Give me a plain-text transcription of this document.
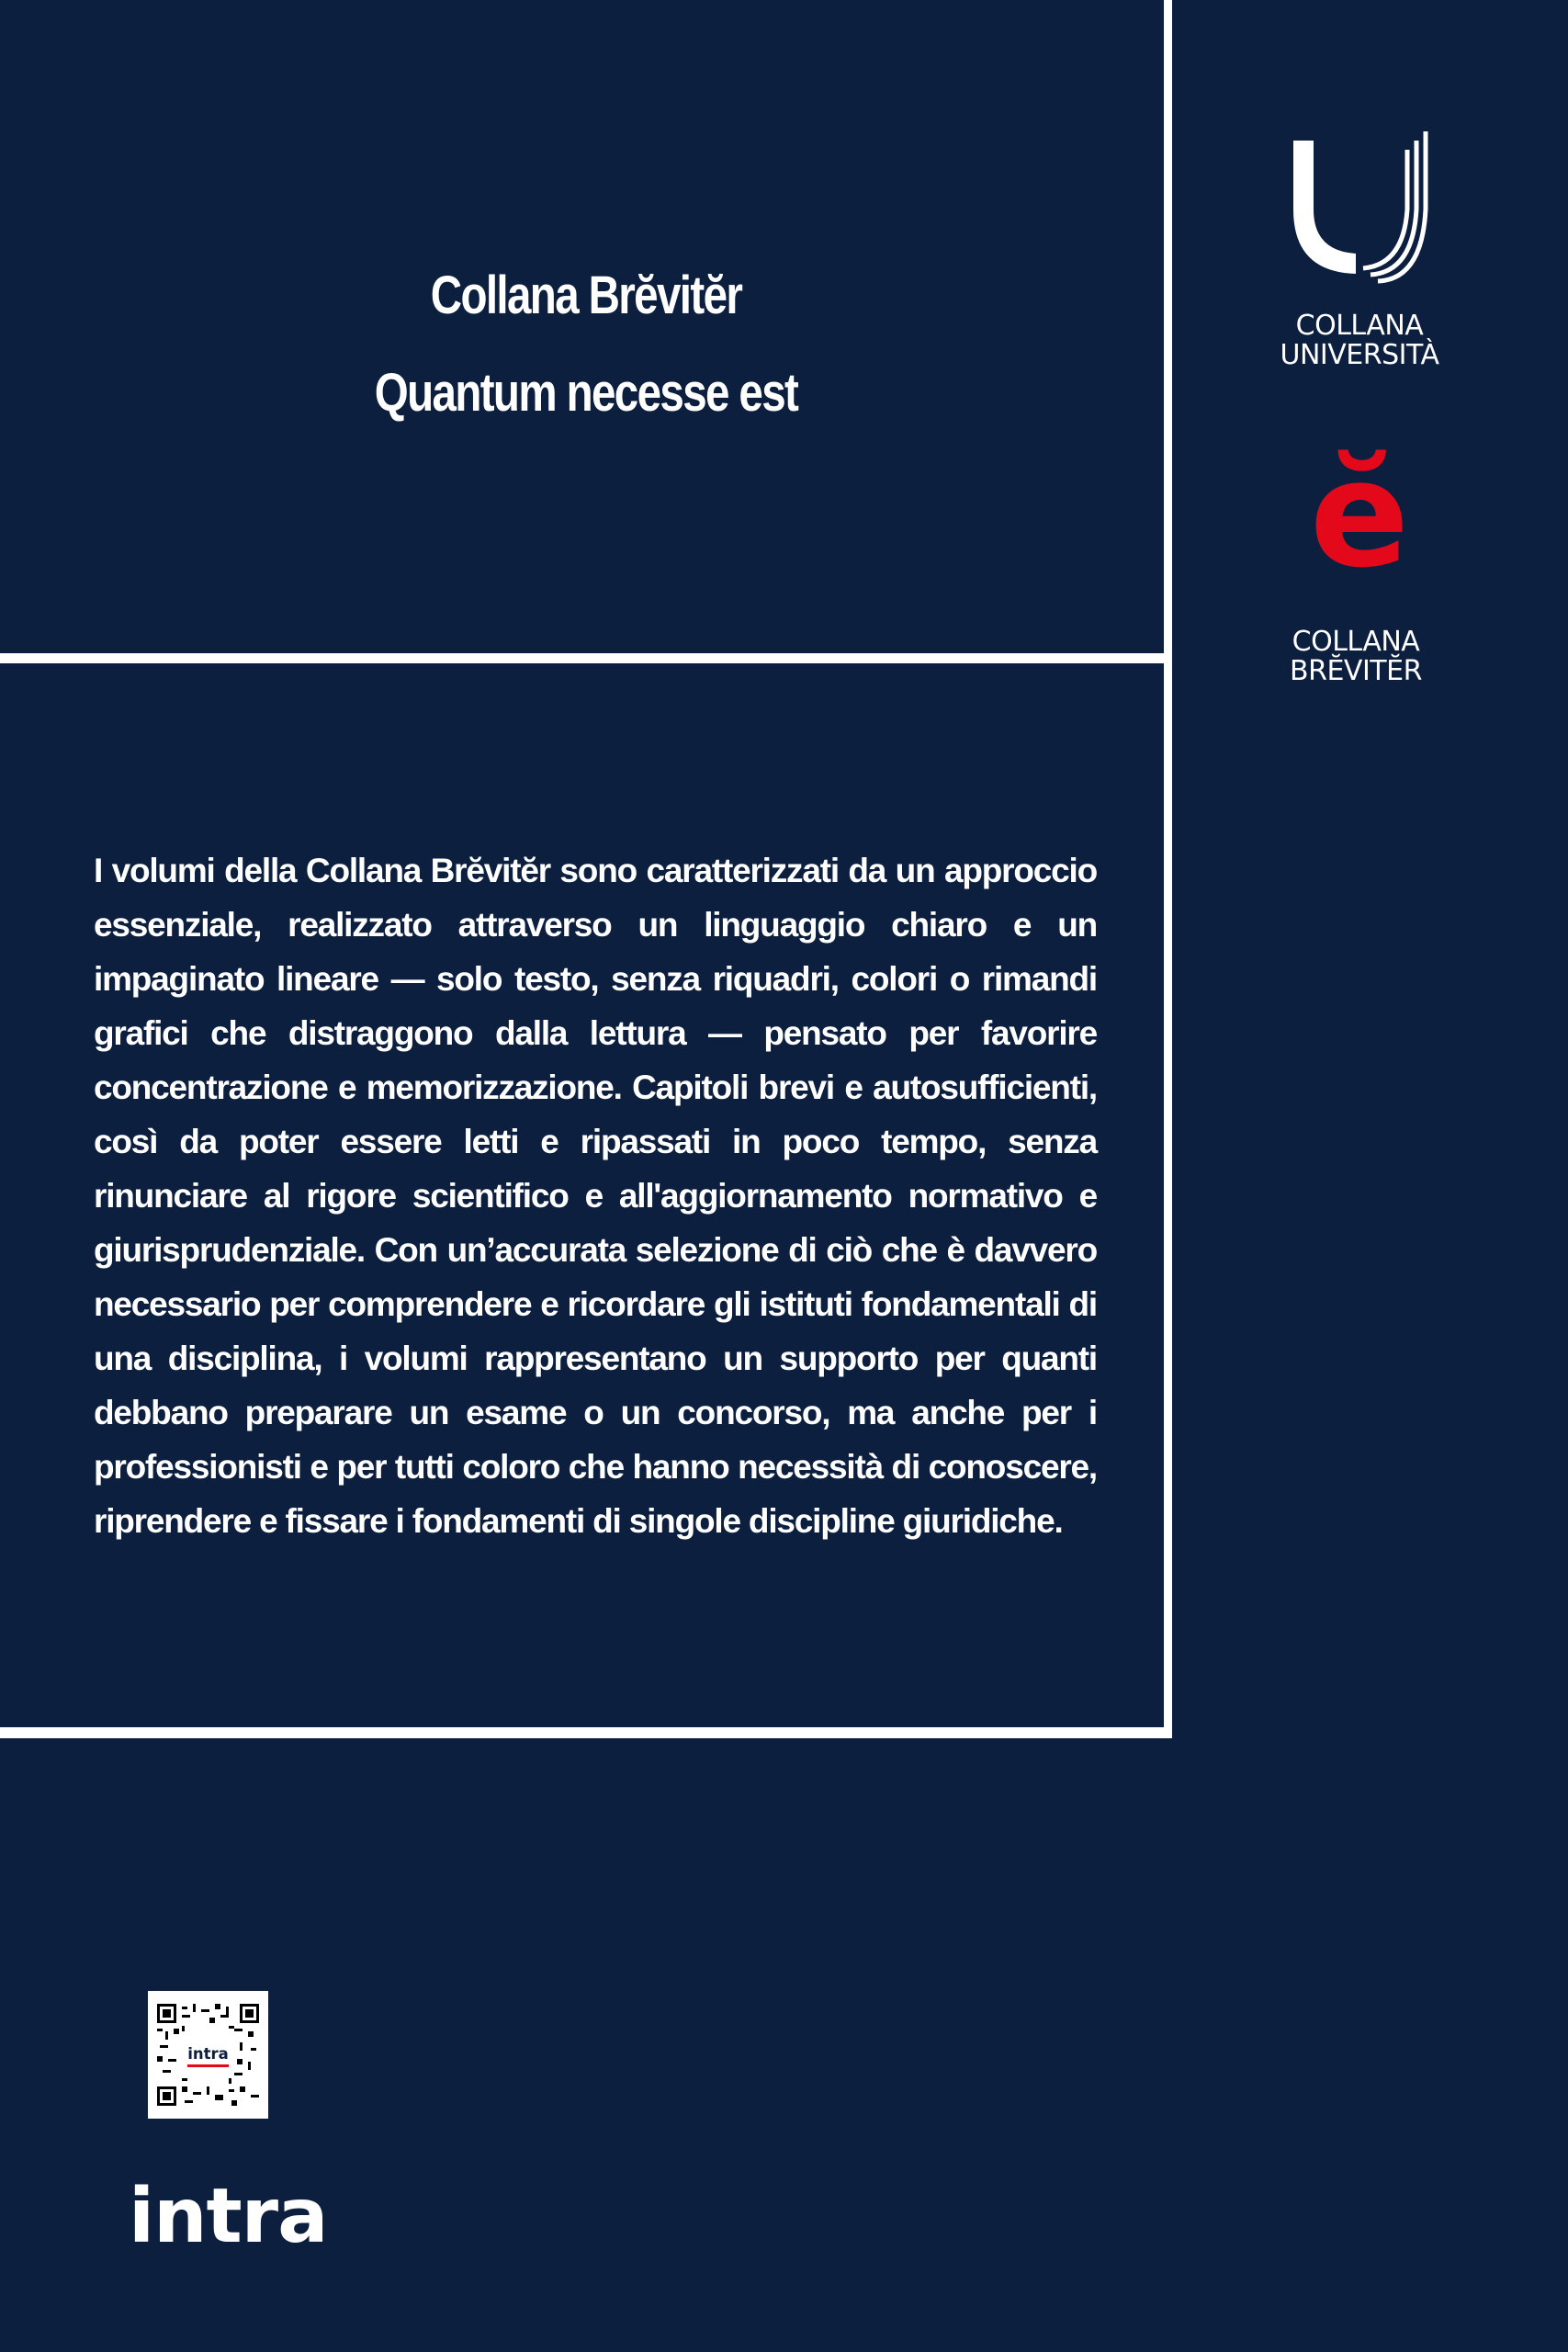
Collana Brĕvitĕr
Quantum necesse est

I volumi della Collana Brĕvitĕr sono caratterizzati da un approccio essenziale, realizzato attraverso un linguaggio chiaro e un impaginato lineare — solo testo, senza riquadri, colori o rimandi grafici che distraggono dalla lettura — pensato per favorire concentrazione e memorizzazione. Capitoli brevi e autosufficienti, così da poter essere letti e ripassati in poco tempo, senza rinunciare al rigore scientifico e all'aggiornamento normativo e giurisprudenziale. Con un’accurata selezione di ciò che è davvero necessario per comprendere e ricordare gli istituti fondamentali di una disciplina, i volumi rappresentano un supporto per quanti debbano preparare un esame o un concorso, ma anche per i professionisti e per tutti coloro che hanno necessità di conoscere, riprendere e fissare i fondamenti di singole discipline giuridiche.

COLLANA
UNIVERSITÀ
ĕ
COLLANA
BRĔVITĔR
intra
intra
